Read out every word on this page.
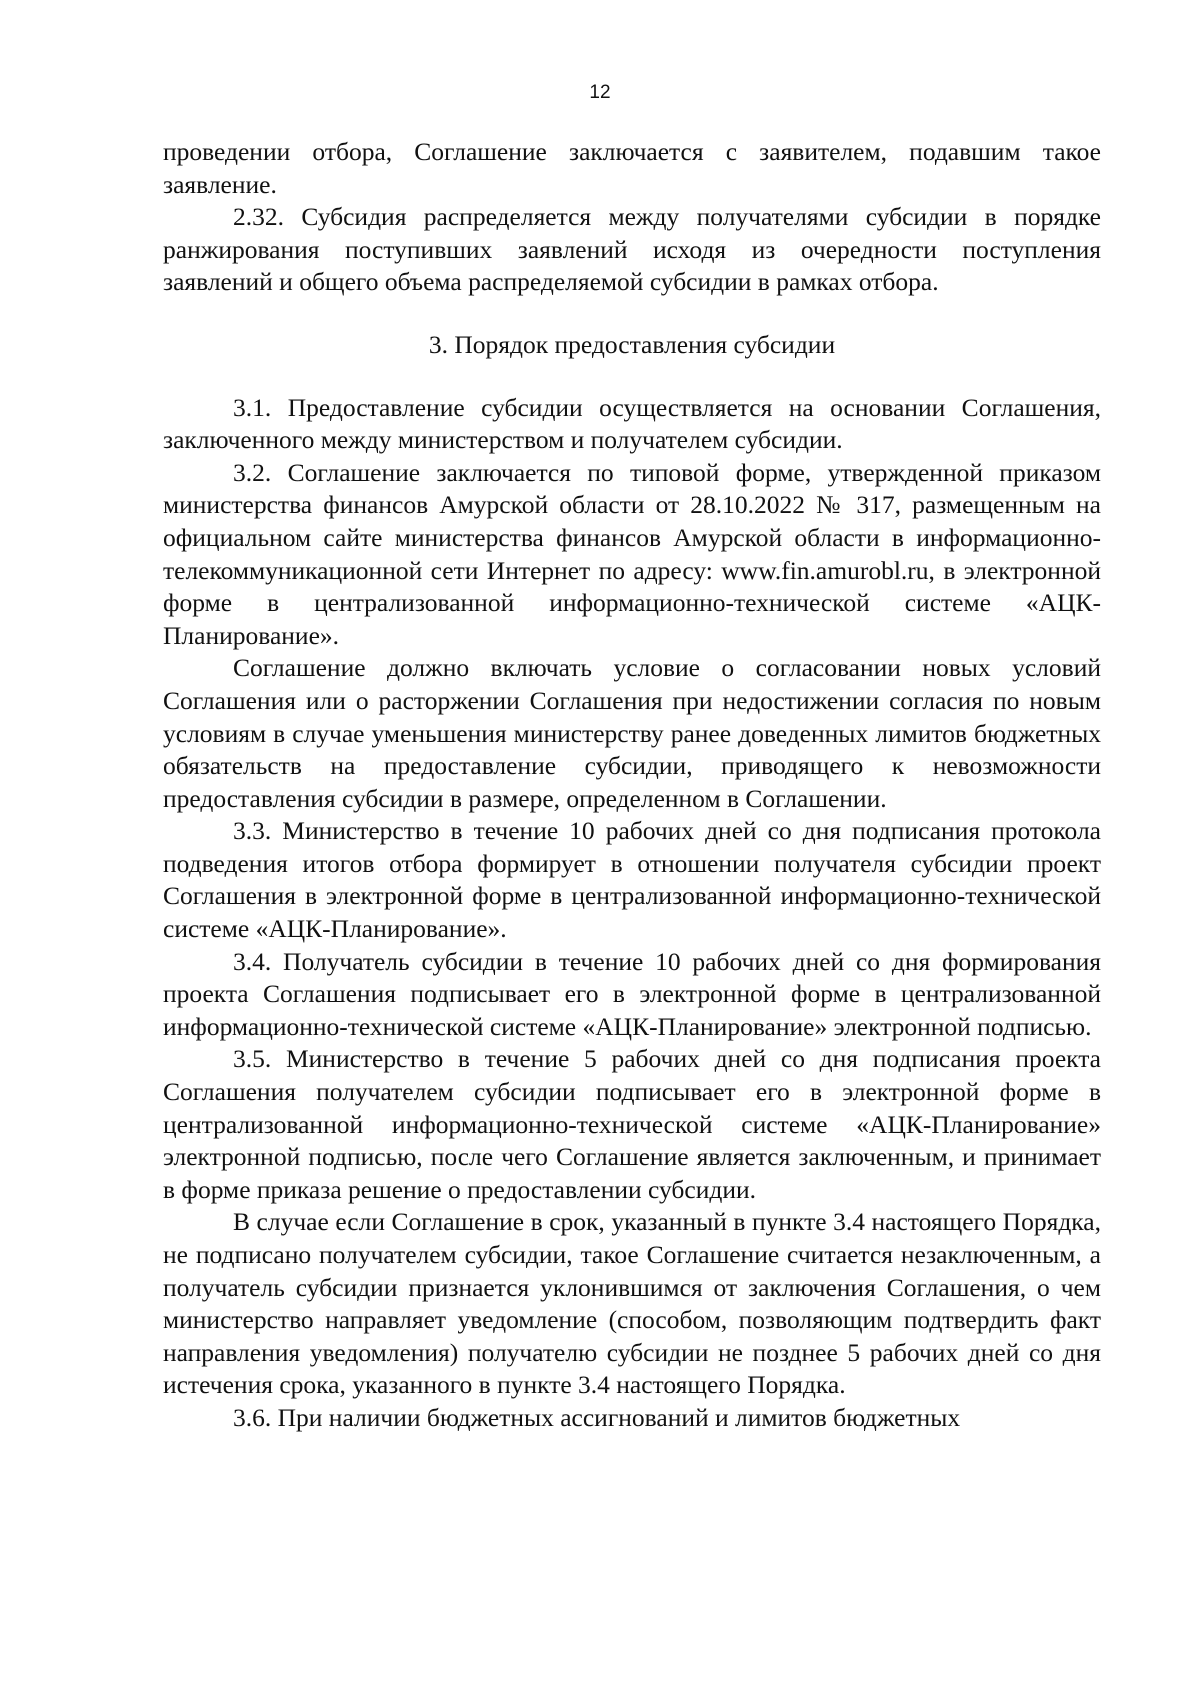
12

проведении отбора, Соглашение заключается с заявителем, подавшим такое заявление.

2.32. Субсидия распределяется между получателями субсидии в порядке ранжирования поступивших заявлений исходя из очередности поступления заявлений и общего объема распределяемой субсидии в рамках отбора.

3. Порядок предоставления субсидии

3.1. Предоставление субсидии осуществляется на основании Соглашения, заключенного между министерством и получателем субсидии.

3.2. Соглашение заключается по типовой форме, утвержденной приказом министерства финансов Амурской области от 28.10.2022 № 317, размещенным на официальном сайте министерства финансов Амурской области в информационно-телекоммуникационной сети Интернет по адресу: www.fin.amurobl.ru, в электронной форме в централизованной информационно-технической системе «АЦК-Планирование».

Соглашение должно включать условие о согласовании новых условий Соглашения или о расторжении Соглашения при недостижении согласия по новым условиям в случае уменьшения министерству ранее доведенных лимитов бюджетных обязательств на предоставление субсидии, приводящего к невозможности предоставления субсидии в размере, определенном в Соглашении.

3.3. Министерство в течение 10 рабочих дней со дня подписания протокола подведения итогов отбора формирует в отношении получателя субсидии проект Соглашения в электронной форме в централизованной информационно-технической системе «АЦК-Планирование».

3.4. Получатель субсидии в течение 10 рабочих дней со дня формирования проекта Соглашения подписывает его в электронной форме в централизованной информационно-технической системе «АЦК-Планирование» электронной подписью.

3.5. Министерство в течение 5 рабочих дней со дня подписания проекта Соглашения получателем субсидии подписывает его в электронной форме в централизованной информационно-технической системе «АЦК-Планирование» электронной подписью, после чего Соглашение является заключенным, и принимает в форме приказа решение о предоставлении субсидии.

В случае если Соглашение в срок, указанный в пункте 3.4 настоящего Порядка, не подписано получателем субсидии, такое Соглашение считается незаключенным, а получатель субсидии признается уклонившимся от заключения Соглашения, о чем министерство направляет уведомление (способом, позволяющим подтвердить факт направления уведомления) получателю субсидии не позднее 5 рабочих дней со дня истечения срока, указанного в пункте 3.4 настоящего Порядка.

3.6. При наличии бюджетных ассигнований и лимитов бюджетных
